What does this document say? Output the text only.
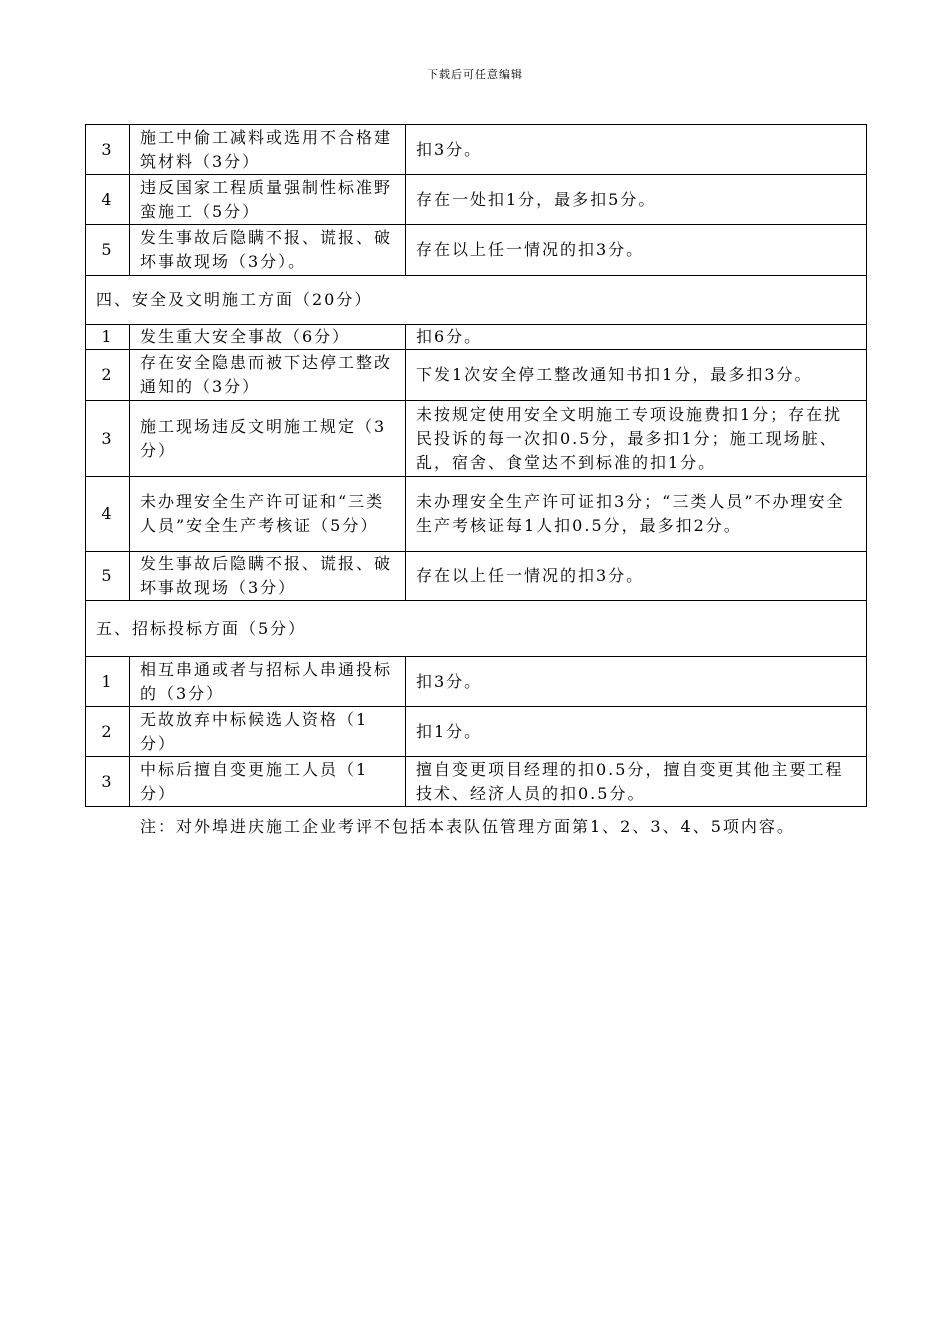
下载后可任意编辑
3	施工中偷工减料或选用不合格建筑材料（3分）	扣3分。
4	违反国家工程质量强制性标准野蛮施工（5分）	存在一处扣1分，最多扣5分。
5	发生事故后隐瞒不报、谎报、破坏事故现场（3分）。	存在以上任一情况的扣3分。
四、安全及文明施工方面（20分）		
1	发生重大安全事故（6分）	扣6分。
2	存在安全隐患而被下达停工整改通知的（3分）	下发1次安全停工整改通知书扣1分，最多扣3分。
3	施工现场违反文明施工规定（3分）	未按规定使用安全文明施工专项设施费扣1分；存在扰民投诉的每一次扣0.5分，最多扣1分；施工现场脏、乱，宿舍、食堂达不到标准的扣1分。
4	未办理安全生产许可证和“三类人员”安全生产考核证（5分）	未办理安全生产许可证扣3分；“三类人员”不办理安全生产考核证每1人扣0.5分，最多扣2分。
5	发生事故后隐瞒不报、谎报、破坏事故现场（3分）	存在以上任一情况的扣3分。
五、招标投标方面（5分）		
1	相互串通或者与招标人串通投标的（3分）	扣3分。
2	无故放弃中标候选人资格（1分）	扣1分。
3	中标后擅自变更施工人员（1分）	擅自变更项目经理的扣0.5分，擅自变更其他主要工程技术、经济人员的扣0.5分。
注：对外埠进庆施工企业考评不包括本表队伍管理方面第1、2、3、4、5项内容。
